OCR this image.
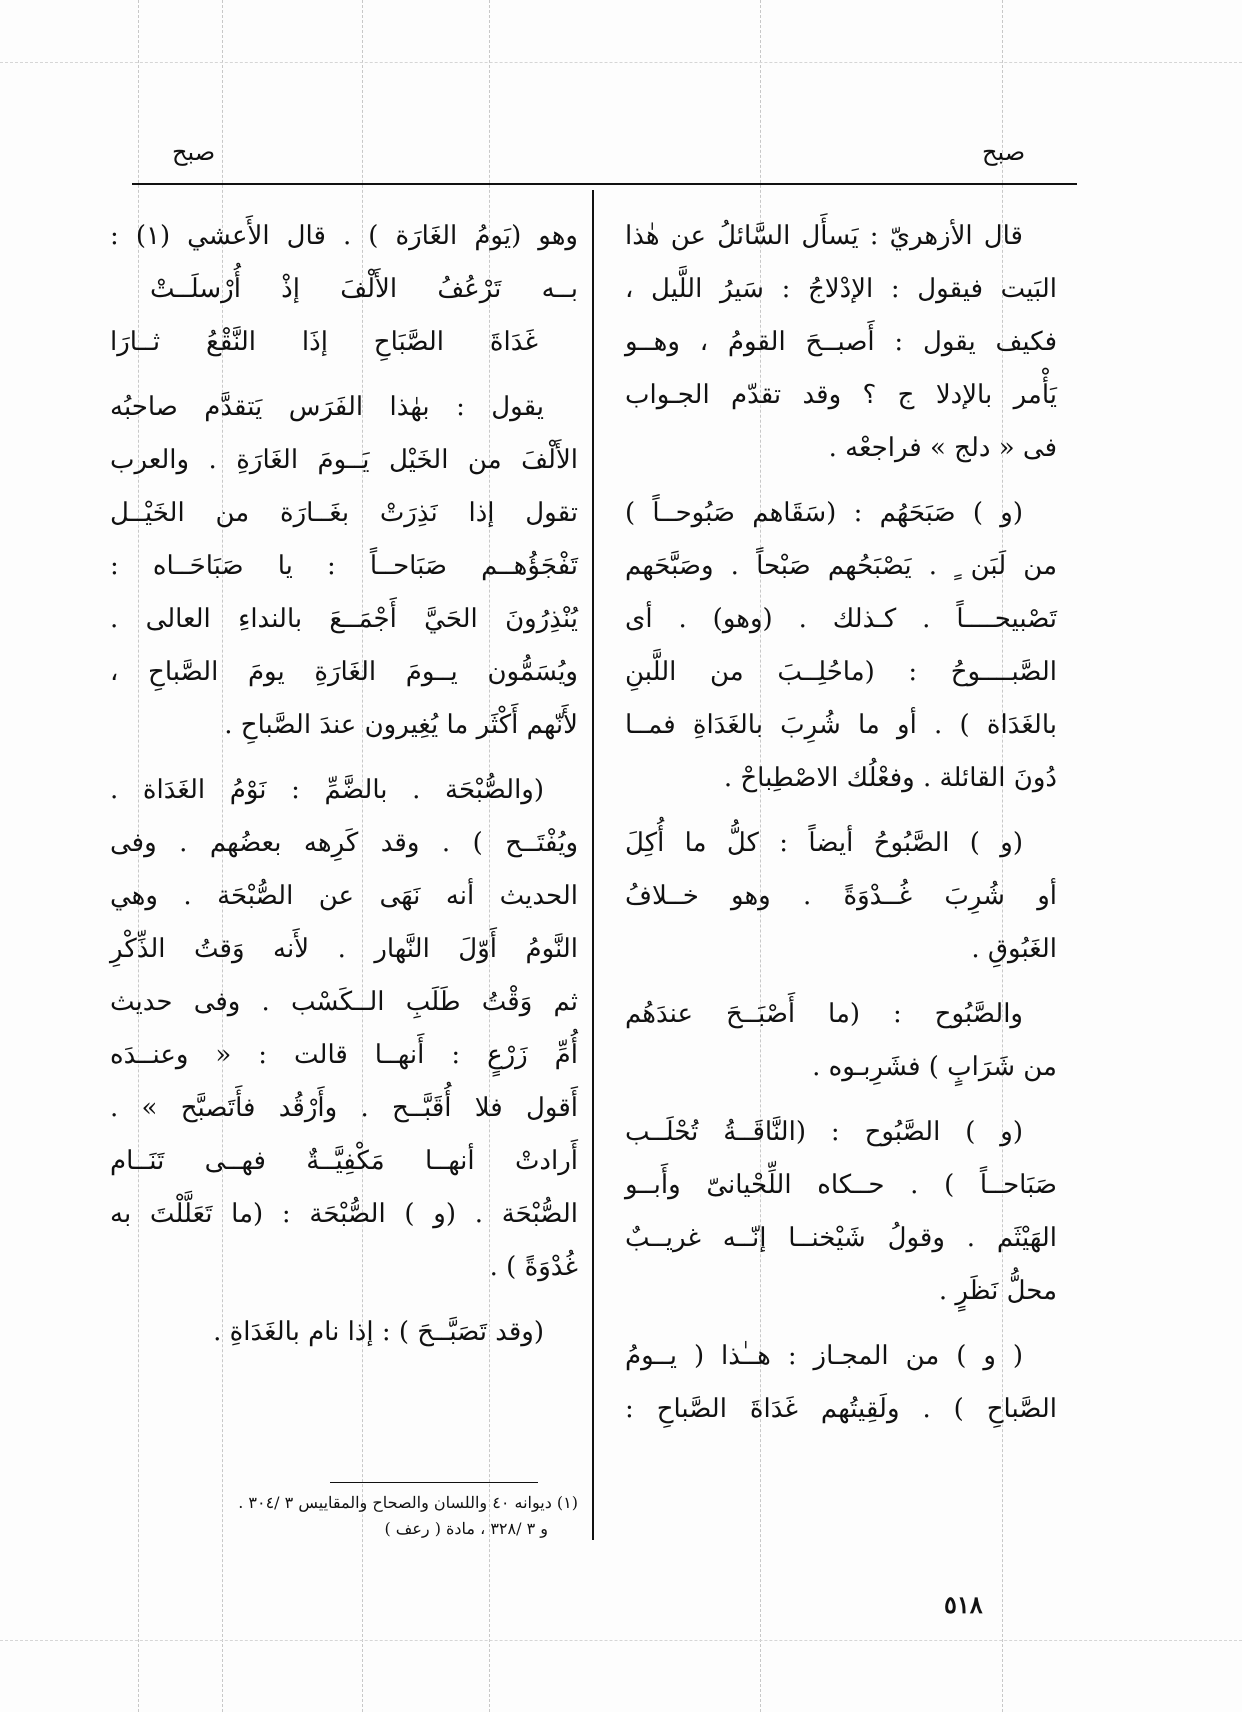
صبح	صبح
قال الأزهريّ : يَسأَل السَّائلُ عن هٰذا
البَيت فيقول : الإدْلاجُ : سَيرُ اللَّيل ،
فكيف يقول : أَصبــحَ القومُ ، وهــو
يَأْمر بالإدلا ج ؟ وقد تقدّم الجـواب
فى « دلج » فراجعْه .
(و ) صَبَحَهُم : (سَقَاهم صَبُوحــاً )
من لَبَن ٍ . يَصْبَحُهم صَبْحاً . وصَبَّحَهم
تَصْبيحــــاً . كـذلك . (وهو) . أى
الصَّبــــوحُ : (ماحُلِــبَ من اللَّبنِ
بالغَدَاة ) . أو ما شُرِبَ بالغَدَاةِ فمــا
دُونَ القائلة . وفعْلُك الاصْطِباحْ .
(و ) الصَّبُوحُ أيضاً : كلُّ ما أُكِلَ
أو شُرِبَ غُــدْوَةً . وهو خــلافُ
الغَبُوقِ .
والصَّبُوح : (ما أَصْبَــحَ عندَهُم
من شَرَابٍ ) فشَرِبـوه .
(و ) الصَّبُوح : (النَّاقَــةُ تُحْلَــب
صَبَاحــاً ) . حــكاه اللِّحْيانىّ وأَبــو
الهَيْثَم . وقولُ شَيْخنــا إنّــه غريــبٌ
محلُّ نَظَرٍ .
( و ) من المجـاز : هــٰذا ( يــومُ
الصَّباحِ ) . ولَقِيتُهم غَدَاةَ الصَّباحِ :
وهو (يَومُ الغَارَة ) . قال الأَعشي (١) :
بــه تَرْعُفُ الأَلْفَ إذْ أُرْسلَــتْ
غَدَاةَ الصَّبَاحِ إذَا النَّقْعُ ثــارَا
يقول : بهٰذا الفَرَس يَتقدَّم صاحبُه
الأَلْفَ من الخَيْل يَــومَ الغَارَةِ . والعرب
تقول إذا نَذِرَتْ بغَــارَة من الخَيْــل
تَفْجَؤُهــم صَبَاحــاً : يا صَبَاحَــاه :
يُنْذِرُونَ الحَيَّ أَجْمَــعَ بالنداءِ العالى .
ويُسَمُّون يــومَ الغَارَةِ يومَ الصَّباحِ ،
لأَنّهم أَكْثَر ما يُغِيرون عندَ الصَّباحِ .
(والصُّبْحَة . بالضَّمِّ : نَوْمُ الغَدَاة .
ويُفْتَــح ) . وقد كَرِهه بعضُهم . وفى
الحديث أنه نَهَى عن الصُّبْحَة . وهي
النَّومُ أَوّلَ النَّهار . لأَنه وَقتُ الذِّكْرِ
ثم وَقْتُ طَلَبِ الــكَسْب . وفى حديث
أُمِّ زَرْعٍ : أَنهــا قالت : « وعنــدَه
أَقول فلا أُقَبَّــح . وأَرْقُد فأَتَصبَّح » .
أَرادتْ أنهــا مَكْفِيَّــةٌ فهــى تَنَــام
الصُّبْحَة . (و ) الصُّبْحَة : (ما تَعَلَّلْتَ به
غُدْوَةً ) .
(وقد تَصَبَّــحَ ) : إذا نام بالغَدَاةِ .
(١) ديوانه ٤٠ واللسان والصحاح والمقاييس ٣ /٣٠٤ .
و ٣ /٣٢٨ ، مادة ( رعف )
٥١٨
